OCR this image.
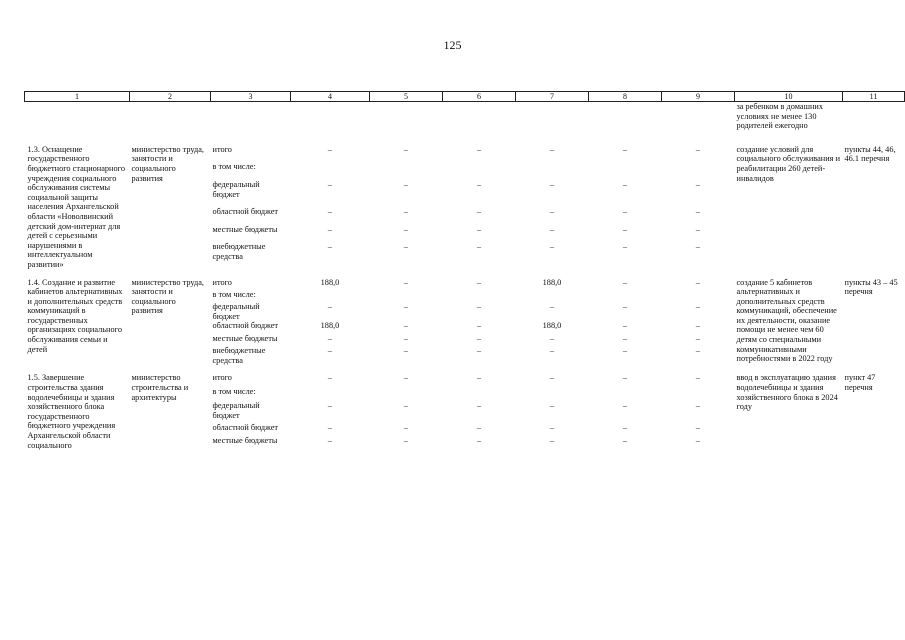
125
1	2	3	4	5	6	7	8	9	10	11
									за ребенком в домашних условиях не менее 130 родителей ежегодно	
1.3. Оснащение государственного бюджетного стационарного учреждения социального обслуживания системы социальной защиты населения Архангельской области «Новолвинский детский дом-интернат для детей с серьезными нарушениями в интеллектуальном развитии»	министерство труда, занятости и социального развития	итого	–	–	–	–	–	–	создание условий для социального обслуживания и реабилитации 260 детей-инвалидов	пункты 44, 46, 46.1 перечня
		в том числе:								
		федеральный бюджет	–	–	–	–	–	–		
		областной бюджет	–	–	–	–	–	–		
		местные бюджеты	–	–	–	–	–	–		
		внебюджетные средства	–	–	–	–	–	–		

1.4. Создание и развитие кабинетов альтернативных и дополнительных средств коммуникаций в государственных организациях социального обслуживания семьи и детей	министерство труда, занятости и социального развития	итого	188,0	–	–	188,0	–	–	создание 5 кабинетов альтернативных и дополнительных средств коммуникаций, обеспечение их деятельности, оказание помощи не менее чем 60 детям со специальными коммуникативными потребностями в 2022 году	пункты 43 – 45 перечня
		в том числе:								
		федеральный бюджет	–	–	–	–	–	–		
		областной бюджет	188,0	–	–	188,0	–	–		
		местные бюджеты	–	–	–	–	–	–		
		внебюджетные средства	–	–	–	–	–	–		

1.5. Завершение строительства здания водолечебницы и здания хозяйственного блока государственного бюджетного учреждения Архангельской области социального	министерство строительства и архитектуры	итого	–	–	–	–	–	–	ввод в эксплуатацию здания водолечебницы и здания хозяйственного блока в 2024 году	пункт 47 перечня
		в том числе:								
		федеральный бюджет	–	–	–	–	–	–		
		областной бюджет	–	–	–	–	–	–		
		местные бюджеты	–	–	–	–	–	–		
